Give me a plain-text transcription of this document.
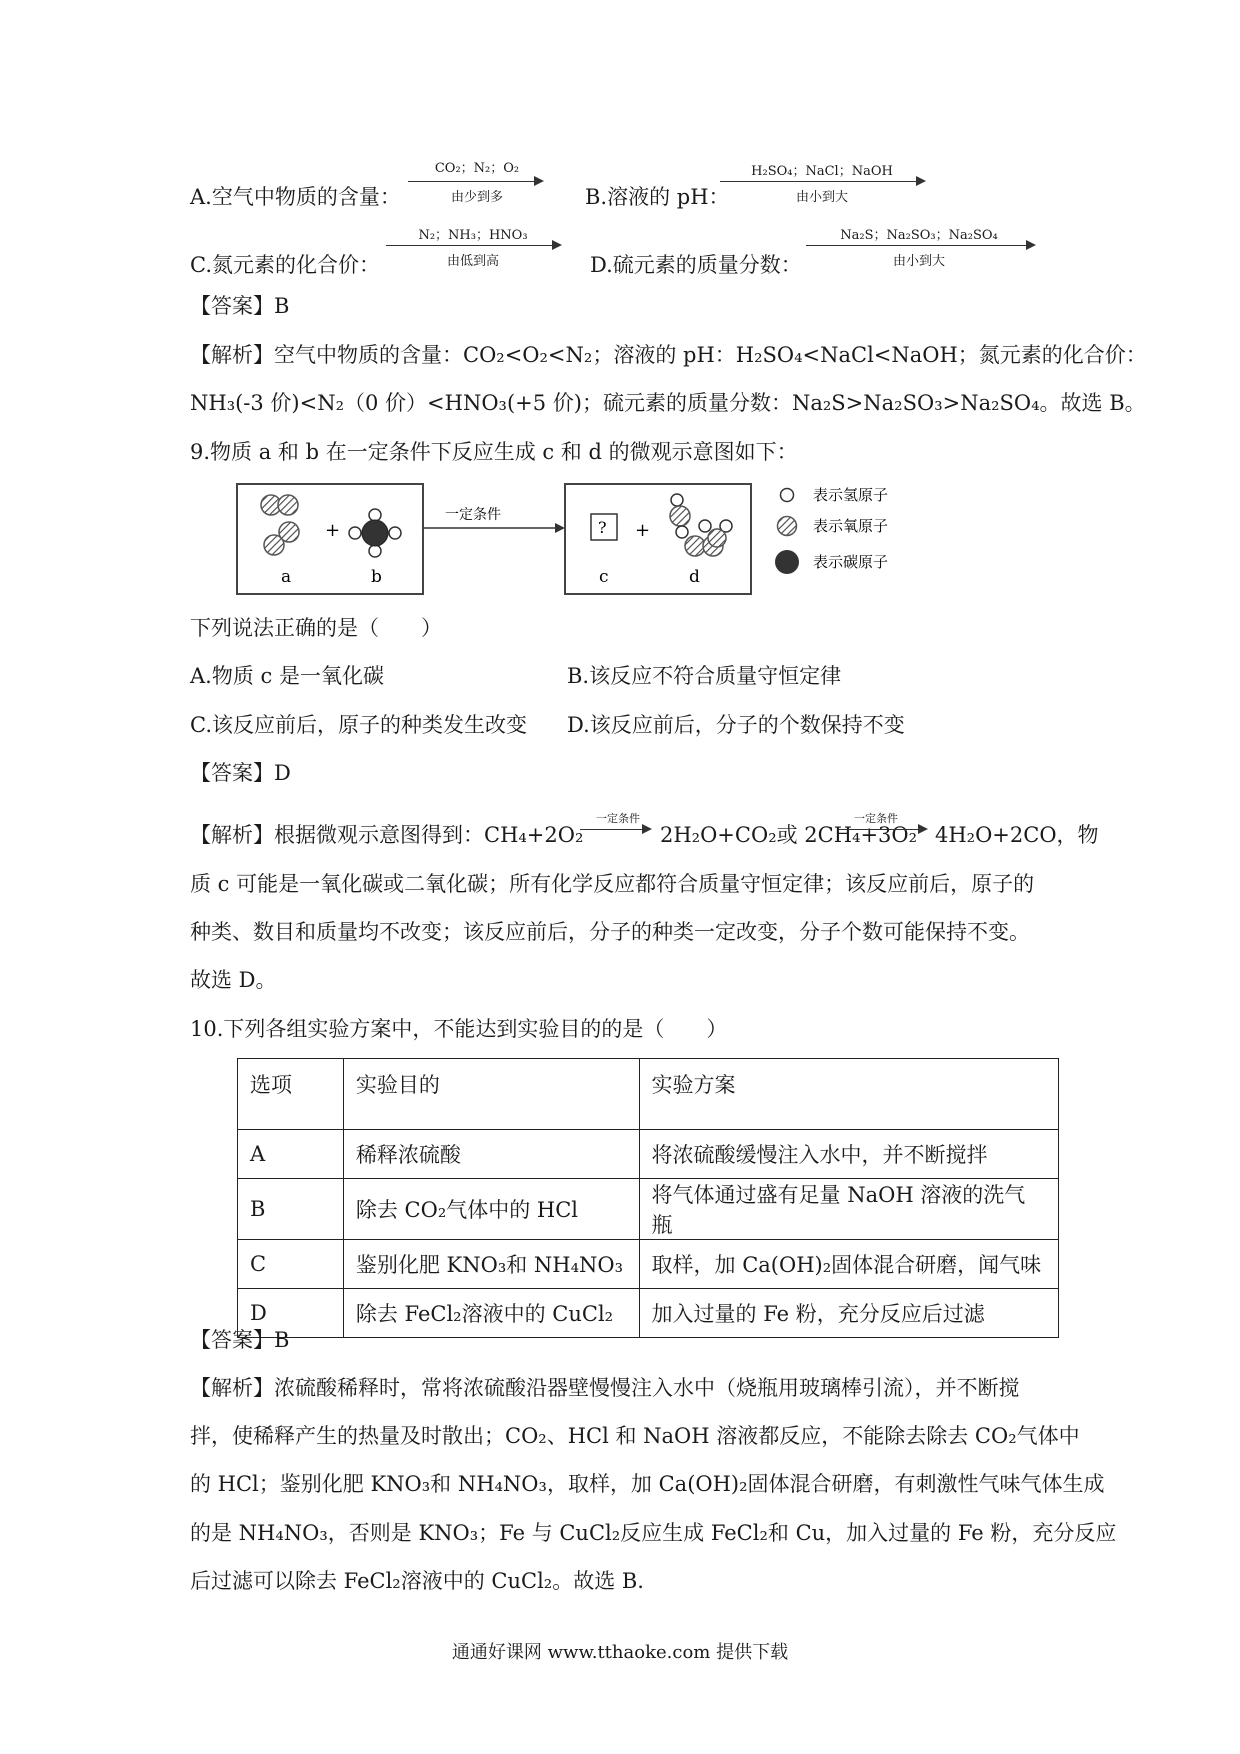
A.空气中物质的含量：
CO₂；N₂；O₂
由少到多	B.溶液的 pH：
H₂SO₄；NaCl；NaOH
由小到大
C.氮元素的化合价：
N₂；NH₃；HNO₃
由低到高	D.硫元素的质量分数：
Na₂S；Na₂SO₃；Na₂SO₄
由小到大
【答案】B
【解析】空气中物质的含量：CO₂<O₂<N₂；溶液的 pH：H₂SO₄<NaCl<NaOH；氮元素的化合价：
NH₃(-3 价)<N₂（0 价）<HNO₃(+5 价)；硫元素的质量分数：Na₂S>Na₂SO₃>Na₂SO₄。故选 B。
9.物质 a 和 b 在一定条件下反应生成 c 和 d 的微观示意图如下：
+
a	b
一定条件
? +
c	d
表示氢原子
表示氧原子
表示碳原子
下列说法正确的是（　　）
A.物质 c 是一氧化碳	B.该反应不符合质量守恒定律
C.该反应前后，原子的种类发生改变 D.该反应前后，分子的个数保持不变
【答案】D
【解析】根据微观示意图得到：CH₄+2O₂
一定条件
2H₂O+CO₂或 2CH₄+3O₂
一定条件
4H₂O+2CO，物
质 c 可能是一氧化碳或二氧化碳；所有化学反应都符合质量守恒定律；该反应前后，原子的
种类、数目和质量均不改变；该反应前后，分子的种类一定改变，分子个数可能保持不变。
故选 D。
10.下列各组实验方案中，不能达到实验目的的是（　　）
选项	实验目的	实验方案
A	稀释浓硫酸	将浓硫酸缓慢注入水中，并不断搅拌
B	除去 CO₂气体中的 HCl	将气体通过盛有足量 NaOH 溶液的洗气瓶
C	鉴别化肥 KNO₃和 NH₄NO₃	取样，加 Ca(OH)₂固体混合研磨，闻气味
D	除去 FeCl₂溶液中的 CuCl₂	加入过量的 Fe 粉，充分反应后过滤
【答案】B
【解析】浓硫酸稀释时，常将浓硫酸沿器壁慢慢注入水中（烧瓶用玻璃棒引流），并不断搅
拌，使稀释产生的热量及时散出；CO₂、HCl 和 NaOH 溶液都反应，不能除去除去 CO₂气体中
的 HCl；鉴别化肥 KNO₃和 NH₄NO₃，取样，加 Ca(OH)₂固体混合研磨，有刺激性气味气体生成
的是 NH₄NO₃，否则是 KNO₃；Fe 与 CuCl₂反应生成 FeCl₂和 Cu，加入过量的 Fe 粉，充分反应
后过滤可以除去 FeCl₂溶液中的 CuCl₂。故选 B.
通通好课网 www.tthaoke.com 提供下载
